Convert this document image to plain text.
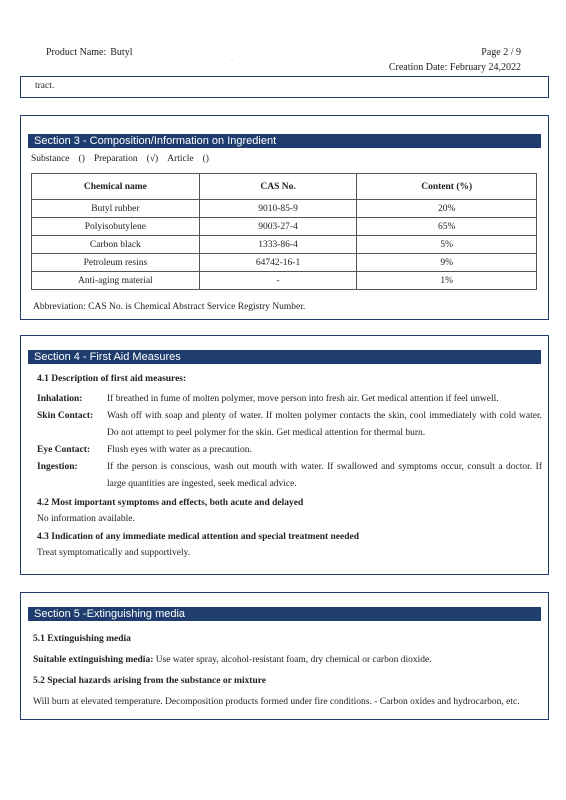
Product Name: Butyl
.
Page 2 / 9
Creation Date: February 24,2022
tract.
Section 3 - Composition/Information on Ingredient
Substance () Preparation (√) Article ()
Chemical name	CAS No.	Content (%)
Butyl rubber	9010-85-9	20%
Polyisobutylene	9003-27-4	65%
Carbon black	1333-86-4	5%
Petroleum resins	64742-16-1	9%
Anti-aging material	-	1%
Abbreviation: CAS No. is Chemical Abstract Service Registry Number.
Section 4 - First Aid Measures
4.1 Description of first aid measures:
Inhalation:	If breathed in fume of molten polymer, move person into fresh air. Get medical attention if feel unwell.
Skin Contact:	Wash off with soap and plenty of water. If molten polymer contacts the skin, cool immediately with cold water. Do not attempt to peel polymer for the skin. Get medical attention for thermal burn.
Eye Contact:	Flush eyes with water as a precaution.
Ingestion:	If the person is conscious, wash out mouth with water. If swallowed and symptoms occur, consult a doctor. If large quantities are ingested, seek medical advice.
4.2 Most important symptoms and effects, both acute and delayed
No information available.
4.3 Indication of any immediate medical attention and special treatment needed
Treat symptomatically and supportively.
Section 5 -Extinguishing media
5.1 Extinguishing media
Suitable extinguishing media: Use water spray, alcohol-resistant foam, dry chemical or carbon dioxide.
5.2 Special hazards arising from the substance or mixture
Will burn at elevated temperature. Decomposition products formed under fire conditions. - Carbon oxides and hydrocarbon, etc.
